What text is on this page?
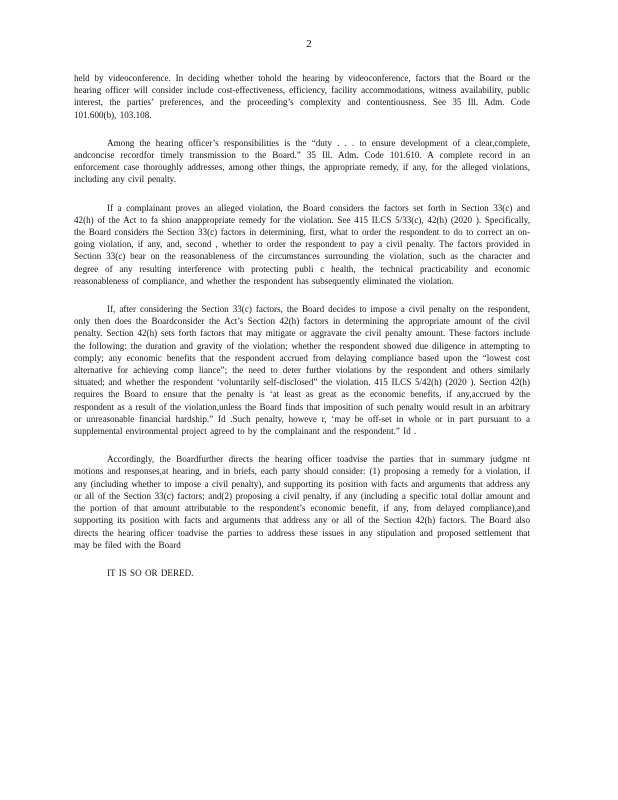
2

held by videoconference. In deciding whether tohold the hearing by videoconference, factors that the Board or the hearing officer will consider include cost-effectiveness, efficiency, facility accommodations, witness availability, public interest, the parties’ preferences, and the proceeding’s complexity and contentiousness. See 35 Ill. Adm. Code 101.600(b), 103.108.

Among the hearing officer’s responsibilities is the “duty . . . to ensure development of a clear,complete, andconcise recordfor timely transmission to the Board.” 35 Ill. Adm. Code 101.610. A complete record in an enforcement case thoroughly addresses, among other things, the appropriate remedy, if any, for the alleged violations, including any civil penalty.

If a complainant proves an alleged violation, the Board considers the factors set forth in Section 33(c) and 42(h) of the Act to fa shion anappropriate remedy for the violation. See 415 ILCS 5/33(c), 42(h) (2020 ). Specifically, the Board considers the Section 33(c) factors in determining, first, what to order the respondent to do to correct an on-going violation, if any, and, second , whether to order the respondent to pay a civil penalty. The factors provided in Section 33(c) bear on the reasonableness of the circumstances surrounding the violation, such as the character and degree of any resulting interference with protecting publi c health, the technical practicability and economic reasonableness of compliance, and whether the respondent has subsequently eliminated the violation.

If, after considering the Section 33(c) factors, the Board decides to impose a civil penalty on the respondent, only then does the Boardconsider the Act’s Section 42(h) factors in determining the appropriate amount of the civil penalty. Section 42(h) sets forth factors that may mitigate or aggravate the civil penalty amount. These factors include the following: the duration and gravity of the violation; whether the respondent showed due diligence in attempting to comply; any economic benefits that the respondent accrued from delaying compliance based upon the “lowest cost alternative for achieving comp liance”; the need to deter further violations by the respondent and others similarly situated; and whether the respondent ‘voluntarily self-disclosed” the violation. 415 ILCS 5/42(h) (2020 ). Section 42(h) requires the Board to ensure that the penalty is ‘at least as great as the economic benefits, if any,accrued by the respondent as a result of the violation,unless the Board finds that imposition of such penalty would result in an arbitrary or unreasonable financial hardship.” Id .Such penalty, howeve r, ‘may be off-set in whole or in part pursuant to a supplemental environmental project agreed to by the complainant and the respondent.” Id .

Accordingly, the Boardfurther directs the hearing officer toadvise the parties that in summary judgme nt motions and responses,at hearing, and in briefs, each party should consider: (1) proposing a remedy for a violation, if any (including whether to impose a civil penalty), and supporting its position with facts and arguments that address any or all of the Section 33(c) factors; and(2) proposing a civil penalty, if any (including a specific total dollar amount and the portion of that amount attributable to the respondent’s economic benefit, if any, from delayed compliance),and supporting its position with facts and arguments that address any or all of the Section 42(h) factors. The Board also directs the hearing officer toadvise the parties to address these issues in any stipulation and proposed settlement that may be filed with the Board

IT IS SO OR DERED.
